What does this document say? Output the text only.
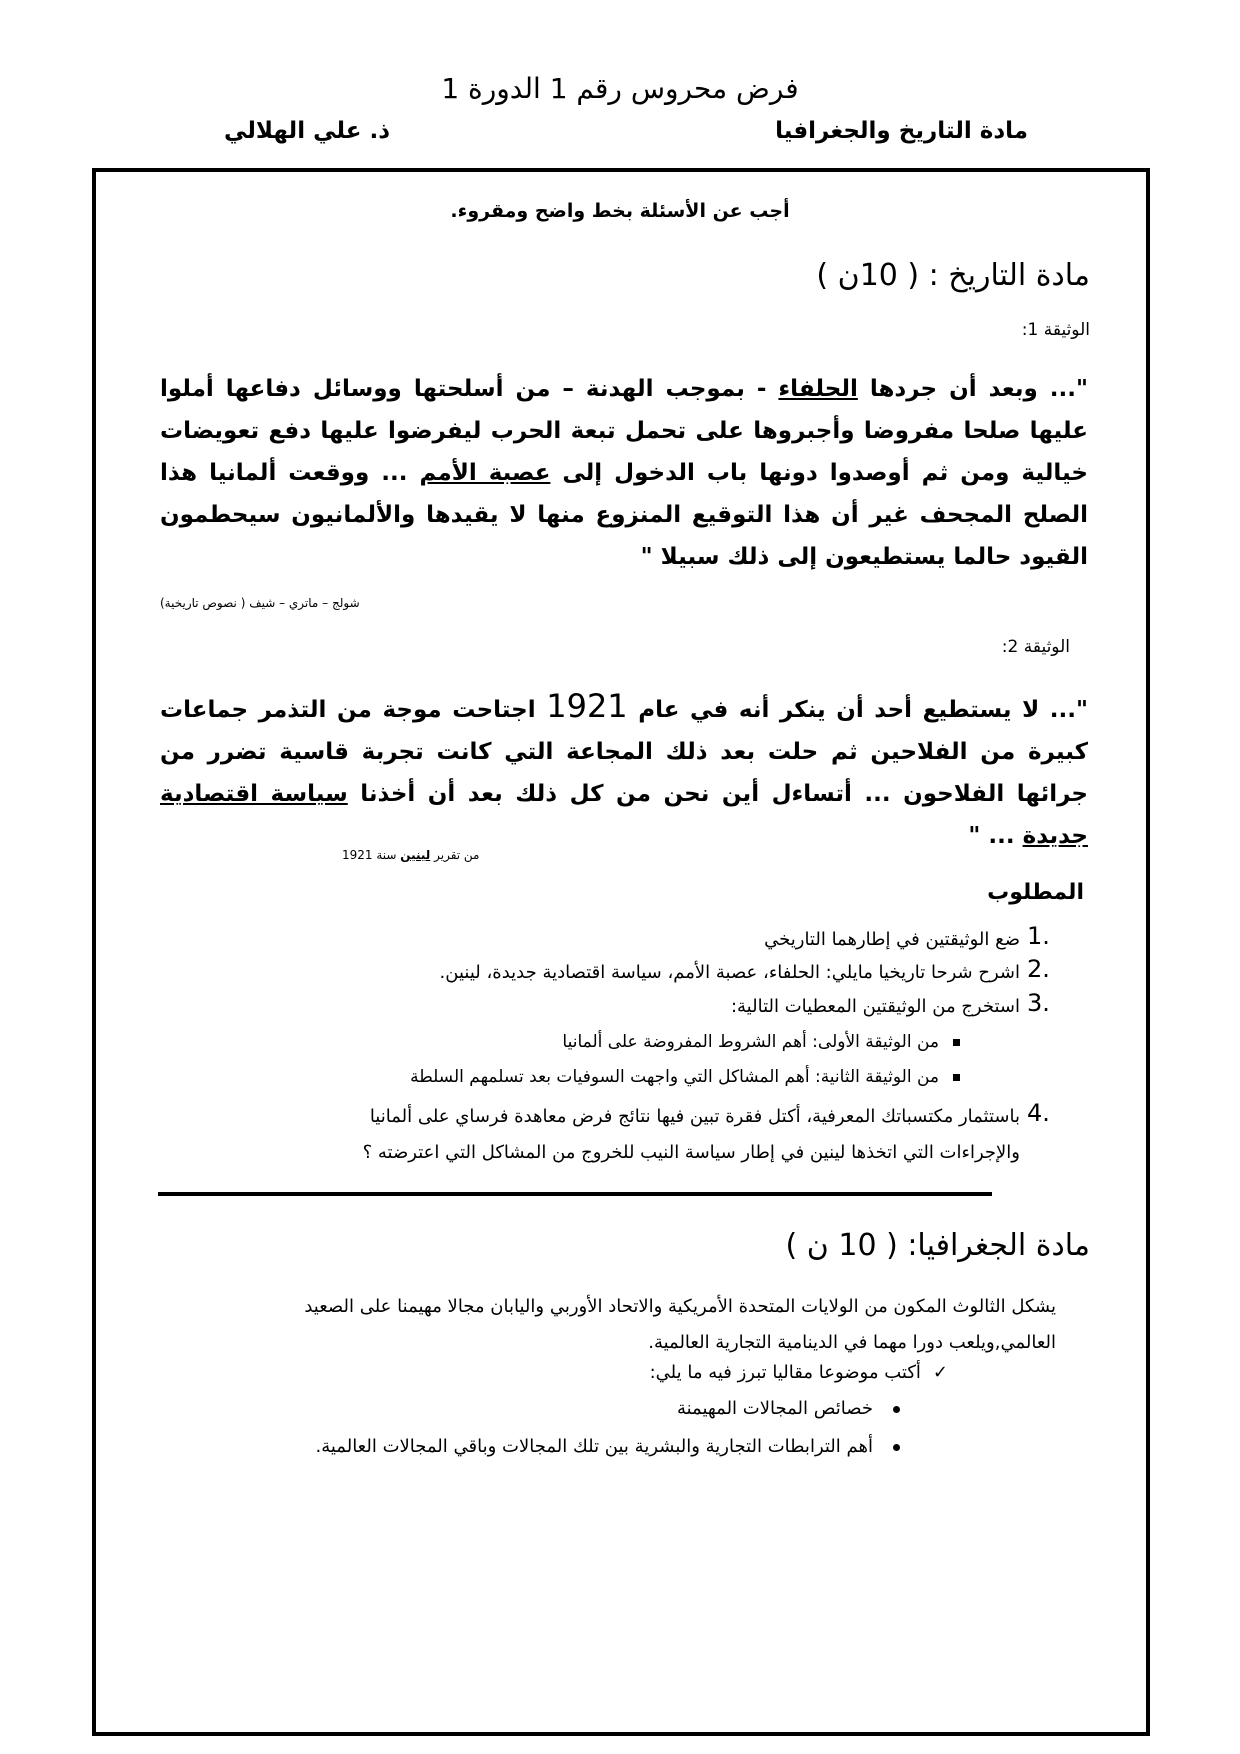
فرض محروس رقم 1 الدورة 1
مادة التاريخ والجغرافيا
ذ. علي الهلالي
أجب عن الأسئلة بخط واضح ومقروء.
مادة التاريخ : ( 10ن )
الوثيقة 1:
"... وبعد أن جردها الحلفاء - بموجب الهدنة – من أسلحتها ووسائل دفاعها أملوا عليها صلحا مفروضا وأجبروها على تحمل تبعة الحرب ليفرضوا عليها دفع تعويضات خيالية ومن ثم أوصدوا دونها باب الدخول إلى عصبة الأمم ... ووقعت ألمانيا هذا الصلح المجحف غير أن هذا التوقيع المنزوع منها لا يقيدها والألمانيون سيحطمون القيود حالما يستطيعون إلى ذلك سبيلا "
شولج – ماتري – شيف ( نصوص تاريخية)
الوثيقة 2:
"... لا يستطيع أحد أن ينكر أنه في عام 1921 اجتاحت موجة من التذمر جماعات كبيرة من الفلاحين ثم حلت بعد ذلك المجاعة التي كانت تجربة قاسية تضرر من جرائها الفلاحون ... أتساءل أين نحن من كل ذلك بعد أن أخذنا سياسة اقتصادية جديدة ... "
من تقرير لينين سنة 1921
المطلوب
ضع الوثيقتين في إطارهما التاريخي 1.
اشرح شرحا تاريخيا مايلي: الحلفاء، عصبة الأمم، سياسة اقتصادية جديدة، لينين. 2.
استخرج من الوثيقتين المعطيات التالية: 3.
من الوثيقة الأولى: أهم الشروط المفروضة على ألمانيا
من الوثيقة الثانية: أهم المشاكل التي واجهت السوفيات بعد تسلمهم السلطة
باستثمار مكتسباتك المعرفية، أكتل فقرة تبين فيها نتائج فرض معاهدة فرساي على ألمانيا 4.
والإجراءات التي اتخذها لينين في إطار سياسة النيب للخروج من المشاكل التي اعترضته ؟
مادة الجغرافيا: ( 10 ن )
يشكل الثالوث المكون من الولايات المتحدة الأمريكية والاتحاد الأوربي واليابان مجالا مهيمنا على الصعيد العالمي,ويلعب دورا مهما في الدينامية التجارية العالمية.
✓أكتب موضوعا مقاليا تبرز فيه ما يلي:
خصائص المجالات المهيمنة
أهم الترابطات التجارية والبشرية بين تلك المجالات وباقي المجالات العالمية.
